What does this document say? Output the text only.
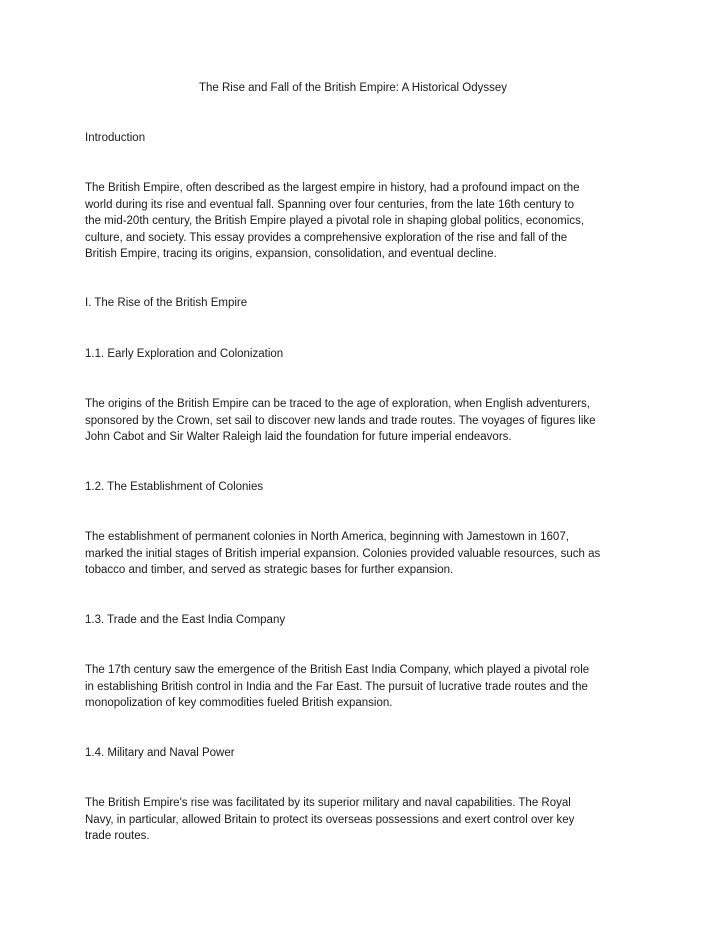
The Rise and Fall of the British Empire: A Historical Odyssey
Introduction
The British Empire, often described as the largest empire in history, had a profound impact on the
world during its rise and eventual fall. Spanning over four centuries, from the late 16th century to
the mid-20th century, the British Empire played a pivotal role in shaping global politics, economics,
culture, and society. This essay provides a comprehensive exploration of the rise and fall of the
British Empire, tracing its origins, expansion, consolidation, and eventual decline.
I. The Rise of the British Empire
1.1. Early Exploration and Colonization
The origins of the British Empire can be traced to the age of exploration, when English adventurers,
sponsored by the Crown, set sail to discover new lands and trade routes. The voyages of figures like
John Cabot and Sir Walter Raleigh laid the foundation for future imperial endeavors.
1.2. The Establishment of Colonies
The establishment of permanent colonies in North America, beginning with Jamestown in 1607,
marked the initial stages of British imperial expansion. Colonies provided valuable resources, such as
tobacco and timber, and served as strategic bases for further expansion.
1.3. Trade and the East India Company
The 17th century saw the emergence of the British East India Company, which played a pivotal role
in establishing British control in India and the Far East. The pursuit of lucrative trade routes and the
monopolization of key commodities fueled British expansion.
1.4. Military and Naval Power
The British Empire's rise was facilitated by its superior military and naval capabilities. The Royal
Navy, in particular, allowed Britain to protect its overseas possessions and exert control over key
trade routes.
